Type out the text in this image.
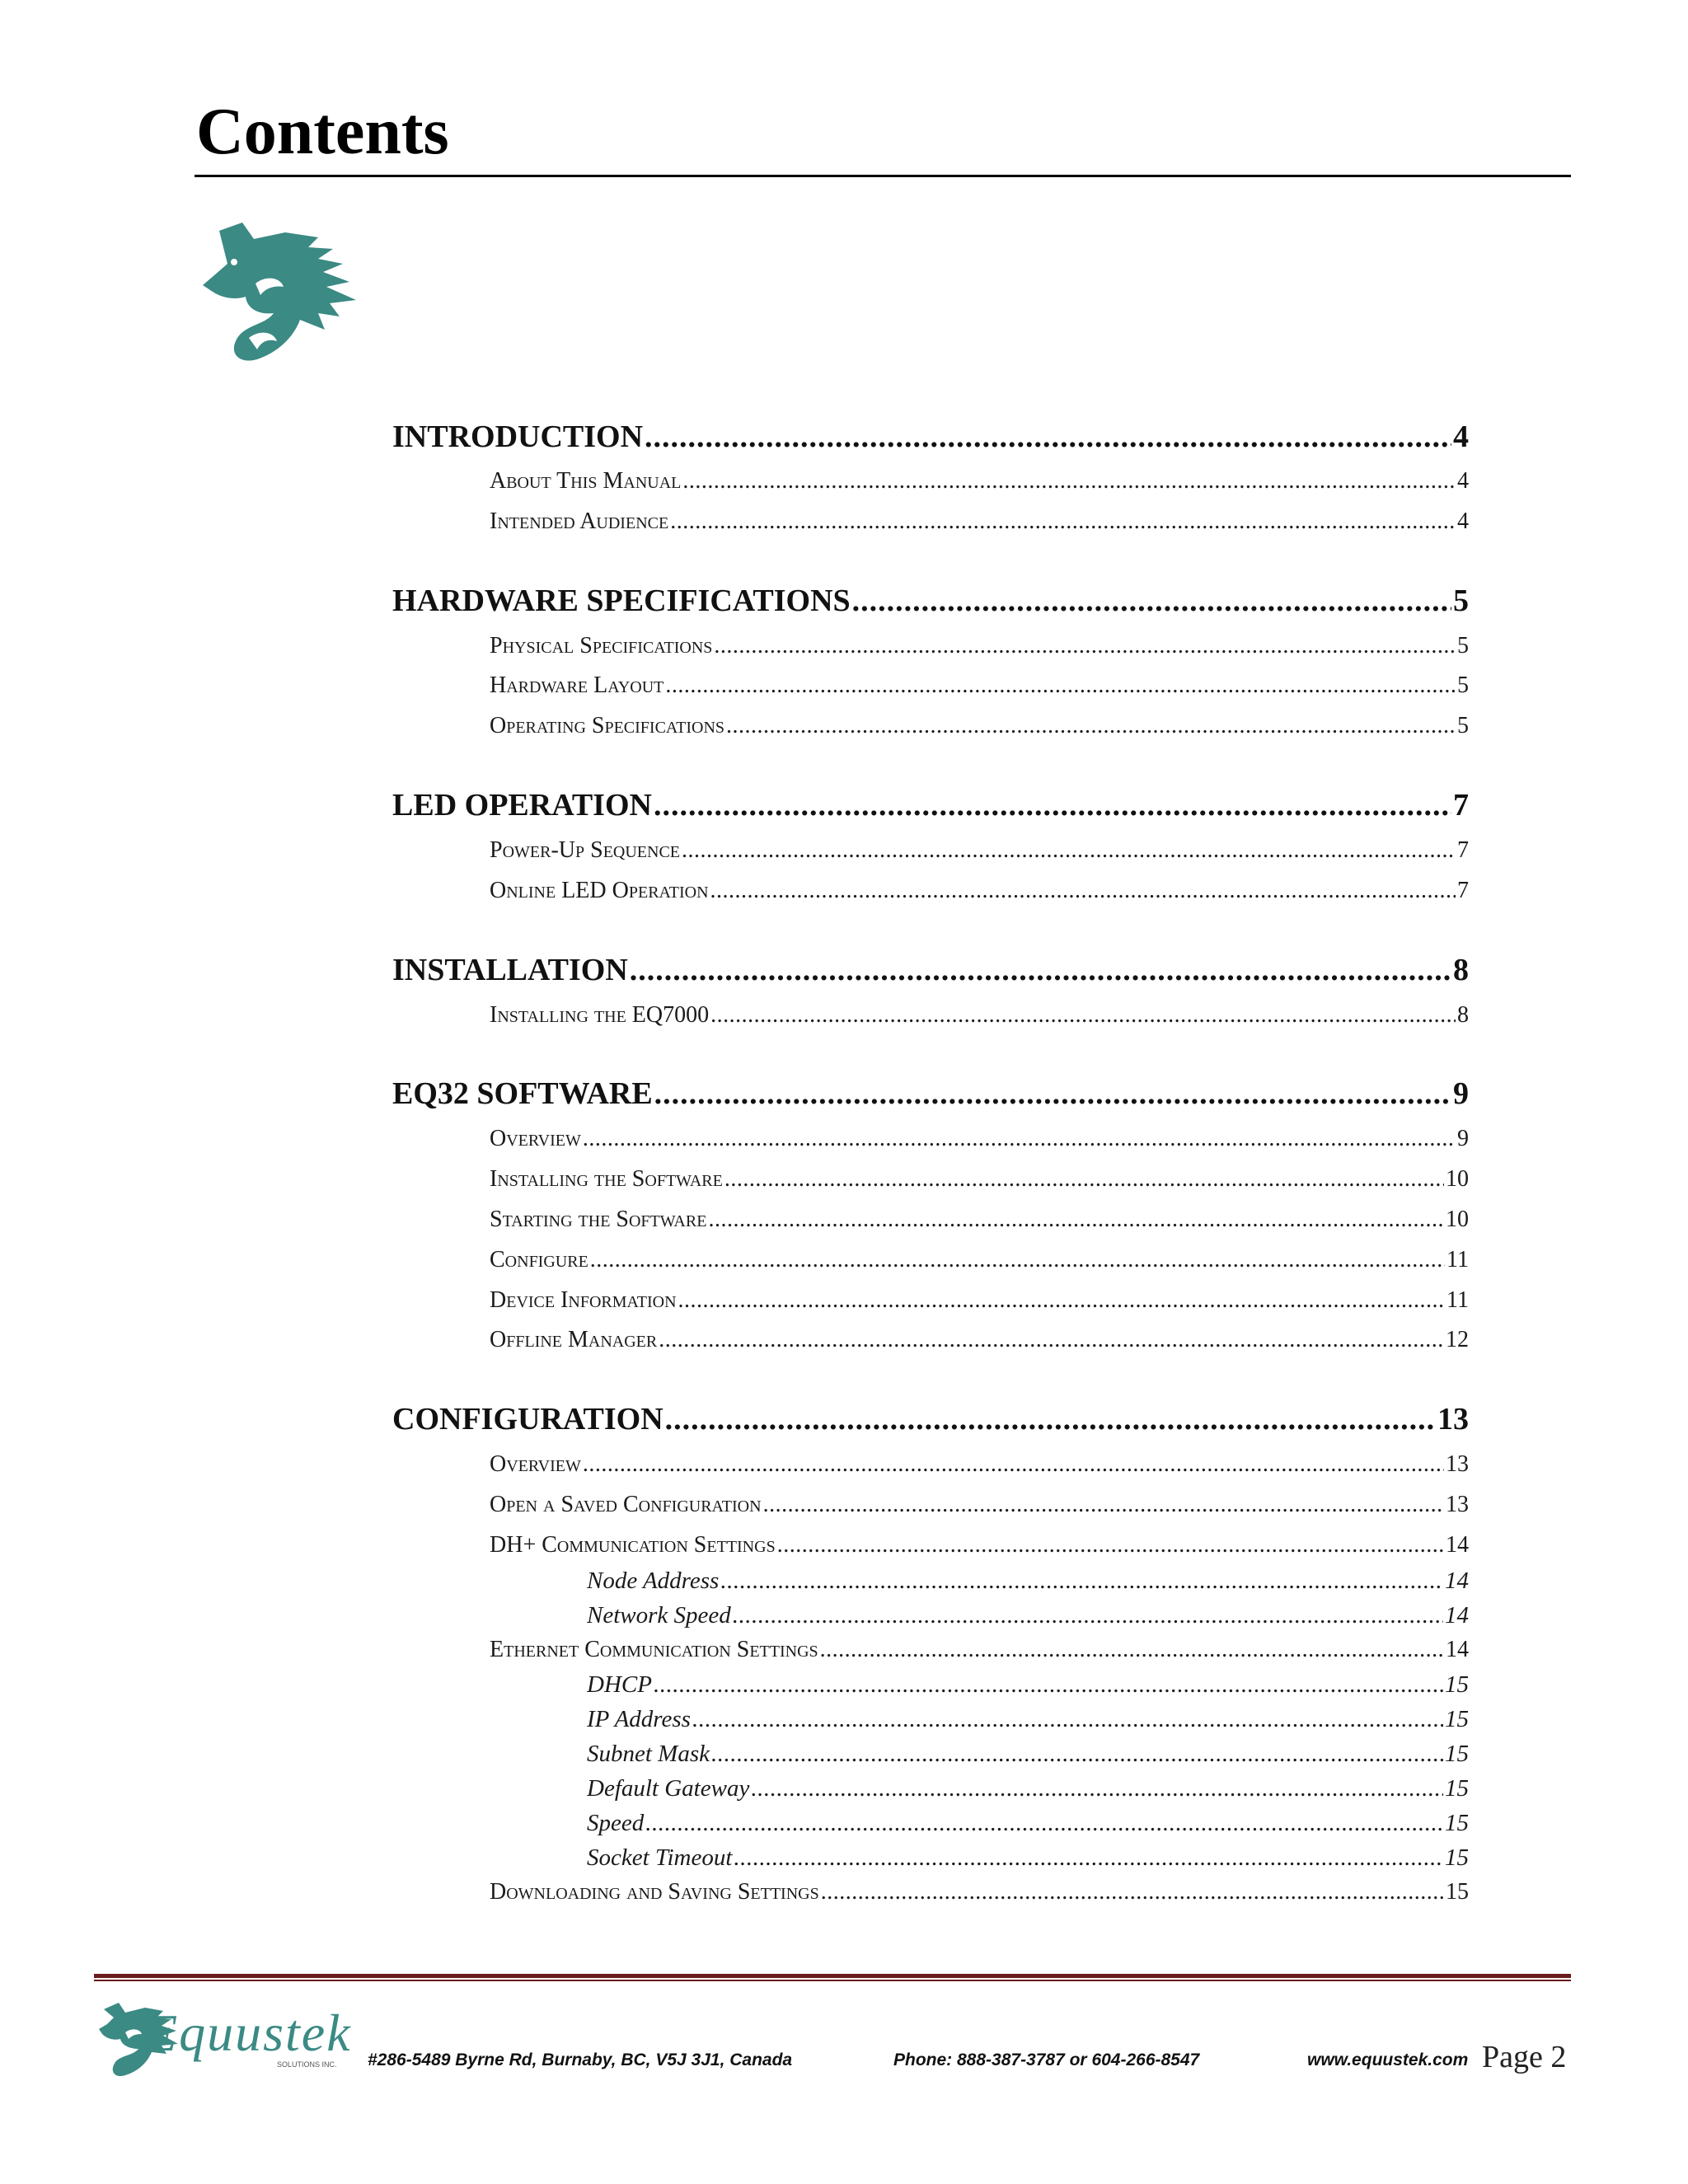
Contents
INTRODUCTION .....	4
About This Manual .....	4
Intended Audience .....	4
HARDWARE SPECIFICATIONS .....	5
Physical Specifications .....	5
Hardware Layout .....	5
Operating Specifications .....	5
LED OPERATION .....	7
Power-Up Sequence .....	7
Online LED Operation .....	7
INSTALLATION .....	8
Installing the EQ7000 .....	8
EQ32 SOFTWARE .....	9
Overview .....	9
Installing the Software .....	10
Starting the Software .....	10
Configure .....	11
Device Information .....	11
Offline Manager .....	12
CONFIGURATION .....	13
Overview .....	13
Open a Saved Configuration .....	13
DH+ Communication Settings .....	14
Node Address .....	14
Network Speed .....	14
Ethernet Communication Settings .....	14
DHCP .....	15
IP Address .....	15
Subnet Mask .....	15
Default Gateway .....	15
Speed .....	15
Socket Timeout .....	15
Downloading and Saving Settings .....	15
Equustek
SOLUTIONS INC. #286-5489 Byrne Rd, Burnaby, BC, V5J 3J1, Canada	Phone: 888-387-3787 or 604-266-8547	www.equustek.com Page 2
